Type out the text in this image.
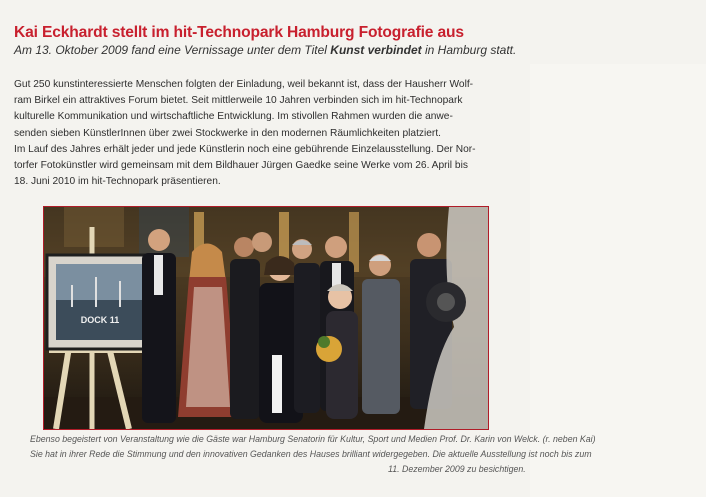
Kai Eckhardt stellt im hit-Technopark Hamburg Fotografie aus
Am 13. Oktober 2009 fand eine Vernissage unter dem Titel Kunst verbindet in Hamburg statt.
Gut 250 kunstinteressierte Menschen folgten der Einladung, weil bekannt ist, dass der Hausherr Wolf-
ram Birkel ein attraktives Forum bietet. Seit mittlerweile 10 Jahren verbinden sich im hit-Technopark
kulturelle Kommunikation und wirtschaftliche Entwicklung. Im stivollen Rahmen wurden die anwe-
senden sieben KünstlerInnen über zwei Stockwerke in den modernen Räumlichkeiten platziert.
Im Lauf des Jahres erhält jeder und jede Künstlerin noch eine gebührende Einzelausstellung. Der Nor-
torfer Fotokünstler wird gemeinsam mit dem Bildhauer Jürgen Gaedke seine Werke vom 26. April bis
18. Juni 2010 im hit-Technopark präsentieren.
DOCK 11
Ebenso begeistert von Veranstaltung wie die Gäste war Hamburg Senatorin für Kultur, Sport und Medien Prof. Dr. Karin von Welck. (r. neben Kai)
Sie hat in ihrer Rede die Stimmung und den innovativen Gedanken des Hauses brilliant widergegeben. Die aktuelle Ausstellung ist noch bis zum
11. Dezember 2009 zu besichtigen.
